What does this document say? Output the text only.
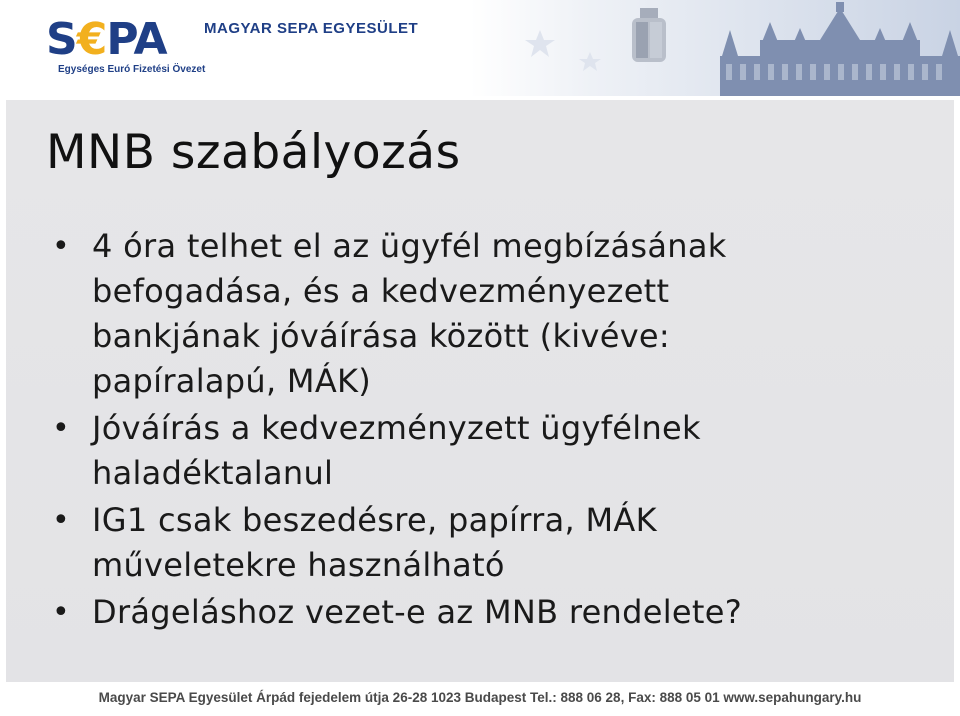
S€PA
Egységes Euró Fizetési Övezet
MAGYAR SEPA EGYESÜLET
MNB szabályozás
• 4 óra telhet el az ügyfél megbízásának
befogadása, és a kedvezményezett
bankjának jóváírása között (kivéve:
papíralapú, MÁK)
• Jóváírás a kedvezményzett ügyfélnek
haladéktalanul
• IG1 csak beszedésre, papírra, MÁK
műveletekre használható
• Drágeláshoz vezet-e az MNB rendelete?
Magyar SEPA Egyesület Árpád fejedelem útja 26-28 1023 Budapest Tel.: 888 06 28, Fax: 888 05 01 www.sepahungary.hu
